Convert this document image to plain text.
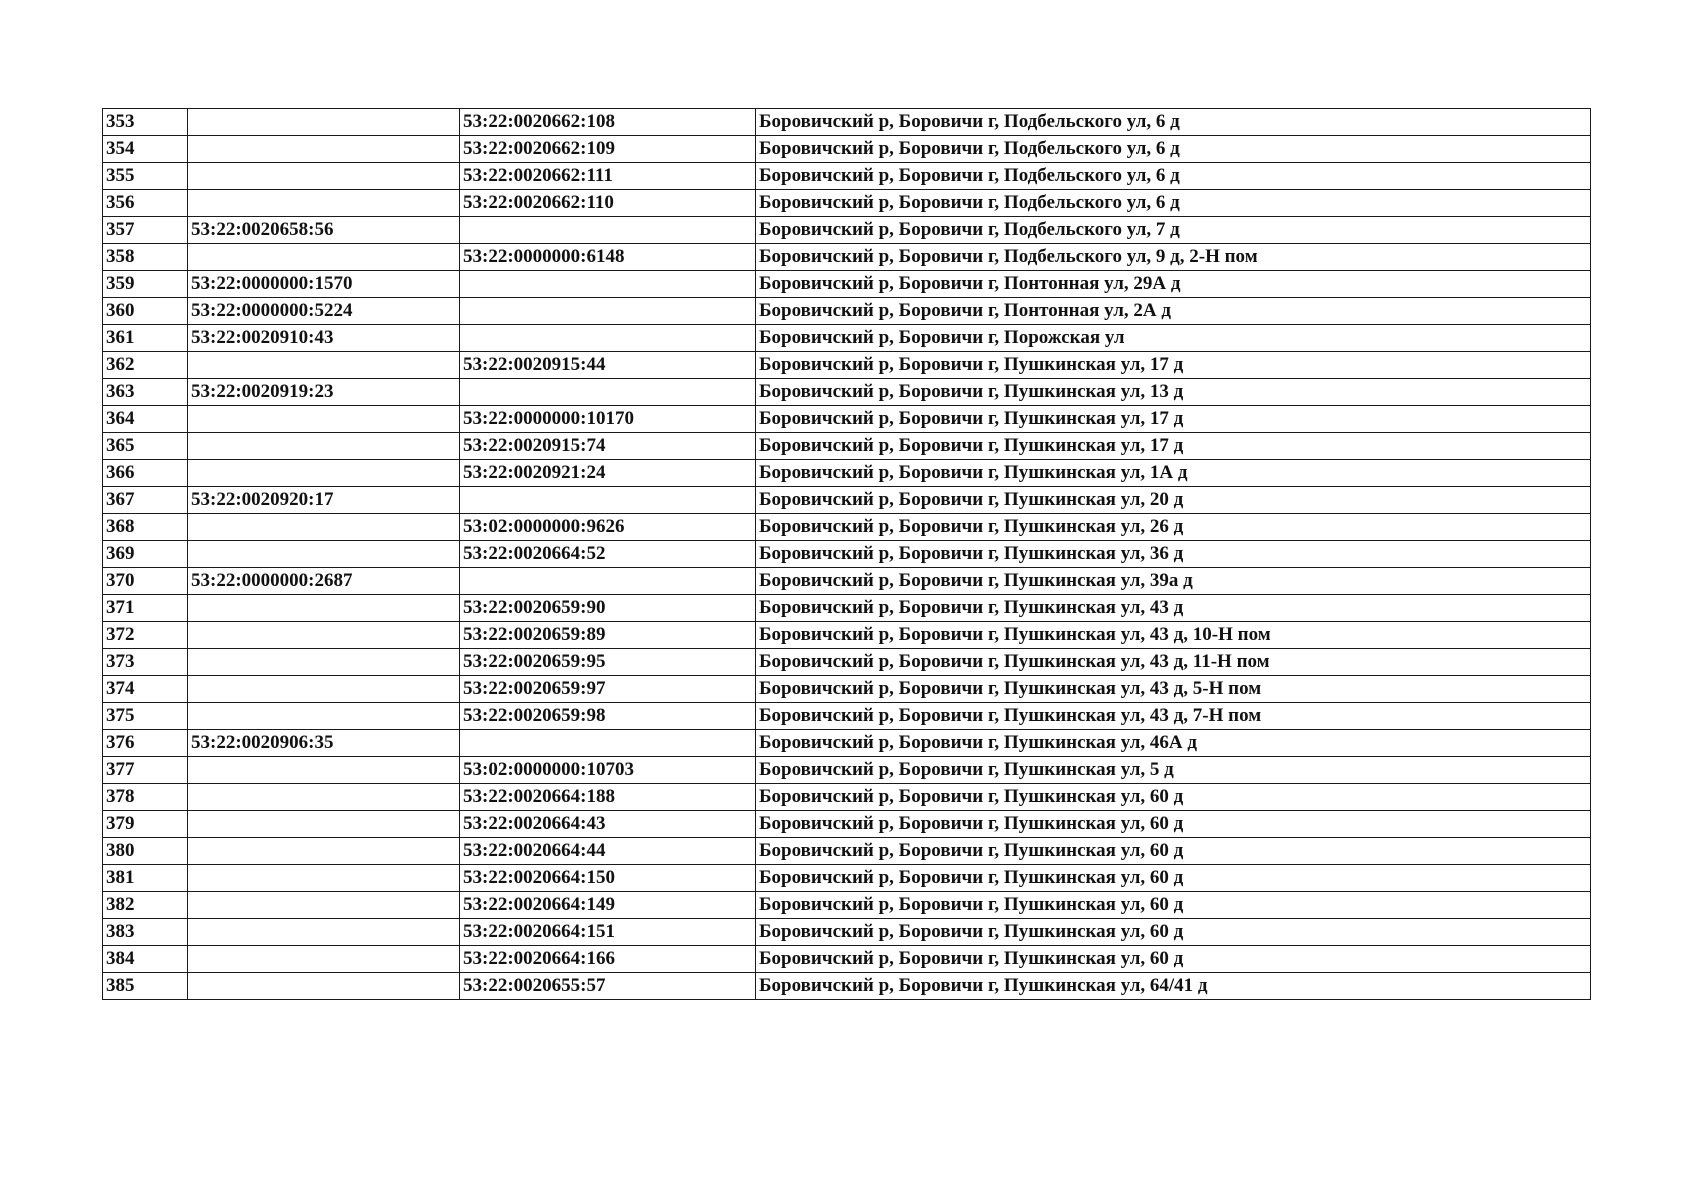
353		53:22:0020662:108	Боровичский р, Боровичи г, Подбельского ул, 6 д
354		53:22:0020662:109	Боровичский р, Боровичи г, Подбельского ул, 6 д
355		53:22:0020662:111	Боровичский р, Боровичи г, Подбельского ул, 6 д
356		53:22:0020662:110	Боровичский р, Боровичи г, Подбельского ул, 6 д
357	53:22:0020658:56		Боровичский р, Боровичи г, Подбельского ул, 7 д
358		53:22:0000000:6148	Боровичский р, Боровичи г, Подбельского ул, 9 д, 2-Н пом
359	53:22:0000000:1570		Боровичский р, Боровичи г, Понтонная ул, 29А д
360	53:22:0000000:5224		Боровичский р, Боровичи г, Понтонная ул, 2А д
361	53:22:0020910:43		Боровичский р, Боровичи г, Порожская ул
362		53:22:0020915:44	Боровичский р, Боровичи г, Пушкинская ул, 17 д
363	53:22:0020919:23		Боровичский р, Боровичи г, Пушкинская ул, 13 д
364		53:22:0000000:10170	Боровичский р, Боровичи г, Пушкинская ул, 17 д
365		53:22:0020915:74	Боровичский р, Боровичи г, Пушкинская ул, 17 д
366		53:22:0020921:24	Боровичский р, Боровичи г, Пушкинская ул, 1А д
367	53:22:0020920:17		Боровичский р, Боровичи г, Пушкинская ул, 20 д
368		53:02:0000000:9626	Боровичский р, Боровичи г, Пушкинская ул, 26 д
369		53:22:0020664:52	Боровичский р, Боровичи г, Пушкинская ул, 36 д
370	53:22:0000000:2687		Боровичский р, Боровичи г, Пушкинская ул, 39а д
371		53:22:0020659:90	Боровичский р, Боровичи г, Пушкинская ул, 43 д
372		53:22:0020659:89	Боровичский р, Боровичи г, Пушкинская ул, 43 д, 10-Н пом
373		53:22:0020659:95	Боровичский р, Боровичи г, Пушкинская ул, 43 д, 11-Н пом
374		53:22:0020659:97	Боровичский р, Боровичи г, Пушкинская ул, 43 д, 5-Н пом
375		53:22:0020659:98	Боровичский р, Боровичи г, Пушкинская ул, 43 д, 7-Н пом
376	53:22:0020906:35		Боровичский р, Боровичи г, Пушкинская ул, 46А д
377		53:02:0000000:10703	Боровичский р, Боровичи г, Пушкинская ул, 5 д
378		53:22:0020664:188	Боровичский р, Боровичи г, Пушкинская ул, 60 д
379		53:22:0020664:43	Боровичский р, Боровичи г, Пушкинская ул, 60 д
380		53:22:0020664:44	Боровичский р, Боровичи г, Пушкинская ул, 60 д
381		53:22:0020664:150	Боровичский р, Боровичи г, Пушкинская ул, 60 д
382		53:22:0020664:149	Боровичский р, Боровичи г, Пушкинская ул, 60 д
383		53:22:0020664:151	Боровичский р, Боровичи г, Пушкинская ул, 60 д
384		53:22:0020664:166	Боровичский р, Боровичи г, Пушкинская ул, 60 д
385		53:22:0020655:57	Боровичский р, Боровичи г, Пушкинская ул, 64/41 д
